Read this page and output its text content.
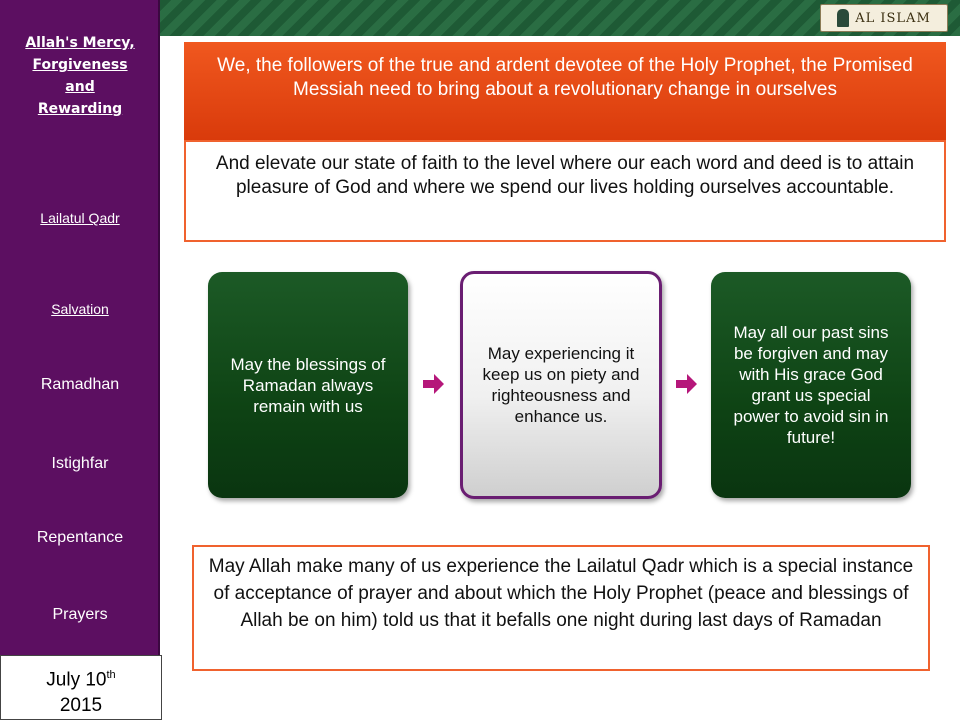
Allah's Mercy,
Forgiveness
and
Rewarding
Lailatul Qadr
Salvation
Ramadhan
Istighfar
Repentance
Prayers
July 10th
2015
AL ISLAM
We, the followers of the true and ardent devotee of the Holy Prophet, the Promised Messiah need to bring about a revolutionary change in ourselves
And elevate our state of faith to the level where our each word and deed is to attain pleasure of God and where we spend our lives holding ourselves accountable.
May the blessings of Ramadan always remain with us
May experiencing it keep us on piety and righteousness and enhance us.
May all our past sins be forgiven and may with His grace God grant us special power to avoid sin in future!
May Allah make many of us experience the Lailatul Qadr which is a special instance of acceptance of prayer and about which the Holy Prophet (peace and blessings of Allah be on him) told us that it befalls one night during last days of Ramadan
